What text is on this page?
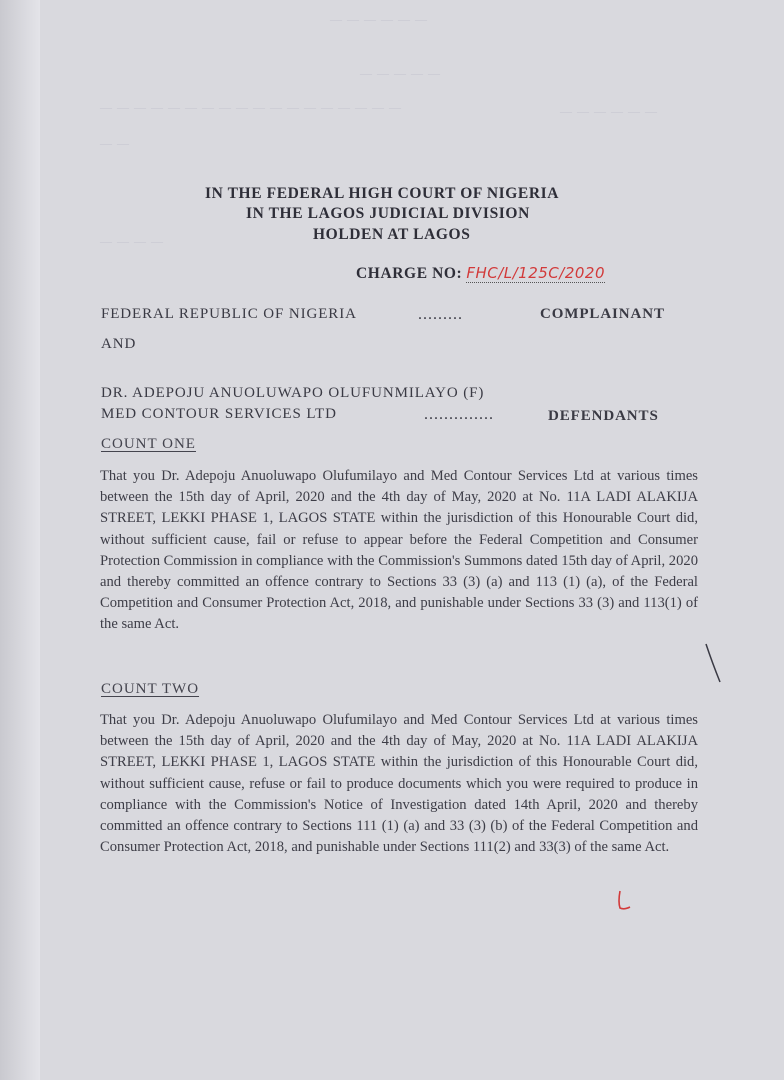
— — — — — —
— — — — —
— — — — — — — — — — — — — — — — — —	— — — — — —
— —
— — — —
IN THE FEDERAL HIGH COURT OF NIGERIA
IN THE LAGOS JUDICIAL DIVISION
HOLDEN AT LAGOS
CHARGE NO: FHC/L/125C/2020
FEDERAL REPUBLIC OF NIGERIA	.........	COMPLAINANT
AND
DR. ADEPOJU ANUOLUWAPO OLUFUNMILAYO (F)
MED CONTOUR SERVICES LTD	..............	DEFENDANTS
COUNT ONE
That you Dr. Adepoju Anuoluwapo Olufumilayo and Med Contour Services Ltd at various times between the 15th day of April, 2020 and the 4th day of May, 2020 at No. 11A LADI ALAKIJA STREET, LEKKI PHASE 1, LAGOS STATE within the jurisdiction of this Honourable Court did, without sufficient cause, fail or refuse to appear before the Federal Competition and Consumer Protection Commission in compliance with the Commission's Summons dated 15th day of April, 2020 and thereby committed an offence contrary to Sections 33 (3) (a) and 113 (1) (a), of the Federal Competition and Consumer Protection Act, 2018, and punishable under Sections 33 (3) and 113(1) of the same Act.
COUNT TWO
That you Dr. Adepoju Anuoluwapo Olufumilayo and Med Contour Services Ltd at various times between the 15th day of April, 2020 and the 4th day of May, 2020 at No. 11A LADI ALAKIJA STREET, LEKKI PHASE 1, LAGOS STATE within the jurisdiction of this Honourable Court did, without sufficient cause, refuse or fail to produce documents which you were required to produce in compliance with the Commission's Notice of Investigation dated 14th April, 2020 and thereby committed an offence contrary to Sections 111 (1) (a) and 33 (3) (b) of the Federal Competition and Consumer Protection Act, 2018, and punishable under Sections 111(2) and 33(3) of the same Act.
